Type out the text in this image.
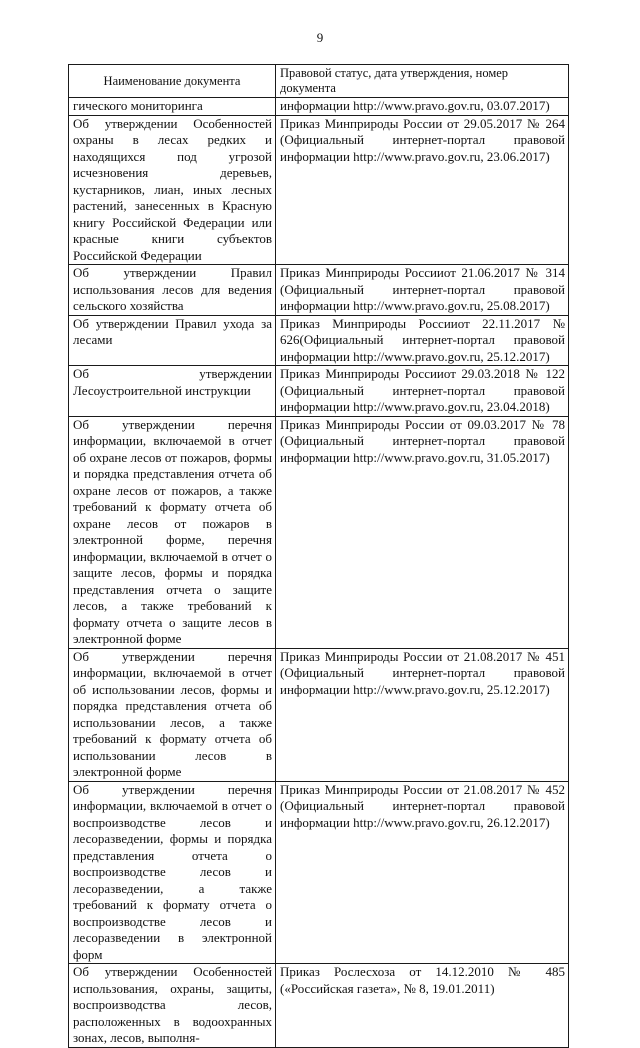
9
Наименование документа	Правовой статус, дата утверждения, номер документа
гического мониторинга	информации http://www.pravo.gov.ru, 03.07.2017)
Об утверждении Особенностей охраны в лесах редких и находящихся под угрозой исчезновения деревьев, кустарников, лиан, иных лесных растений, занесенных в Красную книгу Российской Федерации или красные книги субъектов Российской Федерации	Приказ Минприроды России от 29.05.2017 № 264 (Официальный интернет-портал правовой информации http://www.pravo.gov.ru, 23.06.2017)
Об утверждении Правил использования лесов для ведения сельского хозяйства	Приказ Минприроды Россииот 21.06.2017 № 314 (Официальный интернет-портал правовой информации http://www.pravo.gov.ru, 25.08.2017)
Об утверждении Правил ухода за лесами	Приказ Минприроды Россииот 22.11.2017 № 626(Официальный интернет-портал правовой информации http://www.pravo.gov.ru, 25.12.2017)
Об утверждении Лесоустроительной инструкции	Приказ Минприроды Россииот 29.03.2018 № 122 (Официальный интернет-портал правовой информации http://www.pravo.gov.ru, 23.04.2018)
Об утверждении перечня информации, включаемой в отчет об охране лесов от пожаров, формы и порядка представления отчета об охране лесов от пожаров, а также требований к формату отчета об охране лесов от пожаров в электронной форме, перечня информации, включаемой в отчет о защите лесов, формы и порядка представления отчета о защите лесов, а также требований к формату отчета о защите лесов в электронной форме	Приказ Минприроды России от 09.03.2017 № 78 (Официальный интернет-портал правовой информации http://www.pravo.gov.ru, 31.05.2017)
Об утверждении перечня информации, включаемой в отчет об использовании лесов, формы и порядка представления отчета об использовании лесов, а также требований к формату отчета об использовании лесов в электронной форме	Приказ Минприроды России от 21.08.2017 № 451 (Официальный интернет-портал правовой информации http://www.pravo.gov.ru, 25.12.2017)
Об утверждении перечня информации, включаемой в отчет о воспроизводстве лесов и лесоразведении, формы и порядка представления отчета о воспроизводстве лесов и лесоразведении, а также требований к формату отчета о воспроизводстве лесов и лесоразведении в электронной форм	Приказ Минприроды России от 21.08.2017 № 452 (Официальный интернет-портал правовой информации http://www.pravo.gov.ru, 26.12.2017)
Об утверждении Особенностей использования, охраны, защиты, воспроизводства лесов, расположенных в водоохранных зонах, лесов, выполня-	Приказ Рослесхоза от 14.12.2010 № 485 («Российская газета», № 8, 19.01.2011)
